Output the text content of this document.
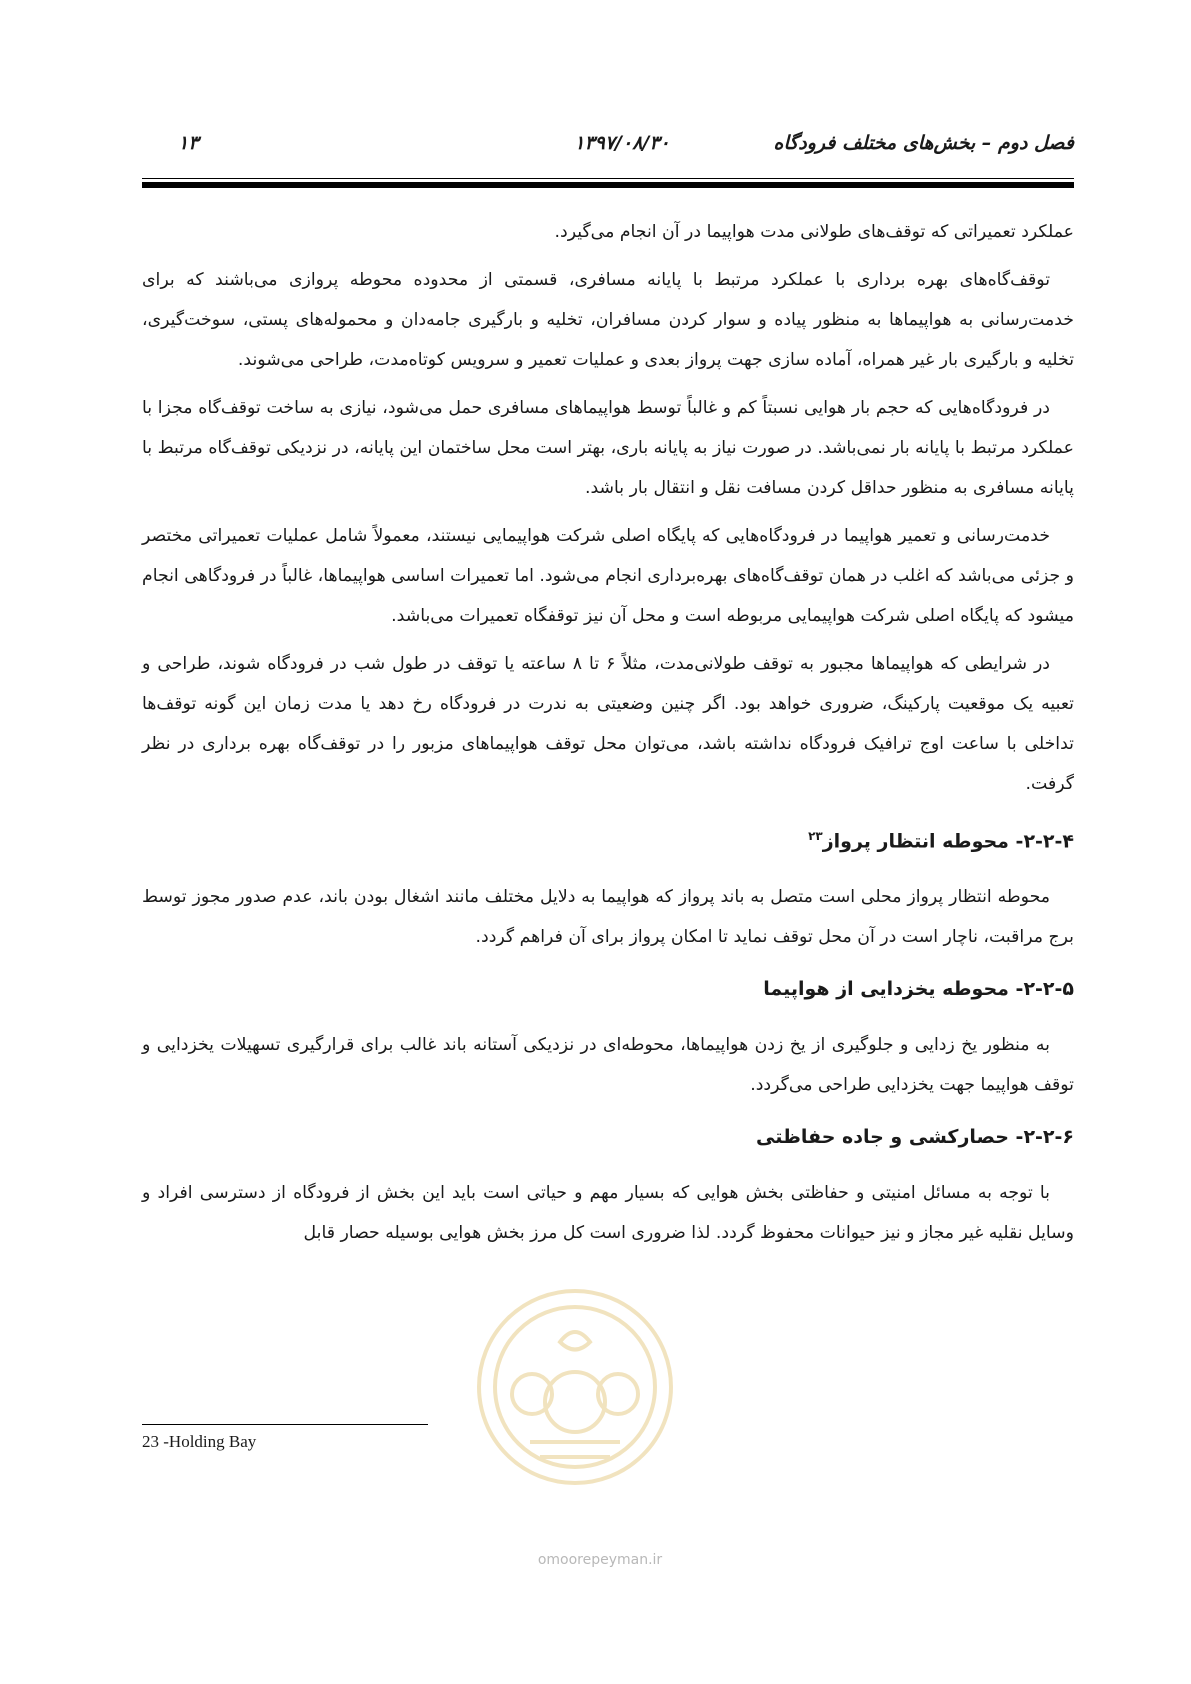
فصل دوم – بخش‌های مختلف فرودگاه
۱۳۹۷/۰۸/۳۰
۱۳

عملکرد تعمیراتی که توقف‌های طولانی مدت هواپیما در آن انجام می‌گیرد.

توقف‌گاه‌های بهره برداری با عملکرد مرتبط با پایانه مسافری، قسمتی از محدوده محوطه پروازی می‌باشند که برای خدمت‌رسانی به هواپیماها به منظور پیاده و سوار کردن مسافران، تخلیه و بارگیری جامه‌دان و محموله‌های پستی، سوخت‌گیری، تخلیه و بارگیری بار غیر همراه، آماده سازی جهت پرواز بعدی و عملیات تعمیر و سرویس کوتاه‌مدت، طراحی می‌شوند.

در فرودگاه‌هایی که حجم بار هوایی نسبتاً کم و غالباً توسط هواپیماهای مسافری حمل می‌شود، نیازی به ساخت توقف‌گاه مجزا با عملکرد مرتبط با پایانه بار نمی‌باشد. در صورت نیاز به پایانه باری، بهتر است محل ساختمان این پایانه، در نزدیکی توقف‌گاه مرتبط با پایانه مسافری به منظور حداقل کردن مسافت نقل و انتقال بار باشد.

خدمت‌رسانی و تعمیر هواپیما در فرودگاه‌هایی که پایگاه اصلی شرکت هواپیمایی نیستند، معمولاً شامل عملیات تعمیراتی مختصر و جزئی می‌باشد که اغلب در همان توقف‌گاه‌های بهره‌برداری انجام می‌شود. اما تعمیرات اساسی هواپیماها، غالباً در فرودگاهی انجام میشود که پایگاه اصلی شرکت هواپیمایی مربوطه است و محل آن نیز توقفگاه تعمیرات می‌باشد.

در شرایطی که هواپیماها مجبور به توقف طولانی‌مدت، مثلاً ۶ تا ۸ ساعته یا توقف در طول شب در فرودگاه شوند، طراحی و تعبیه یک موقعیت پارکینگ، ضروری خواهد بود. اگر چنین وضعیتی به ندرت در فرودگاه رخ دهد یا مدت زمان این گونه توقف‌ها تداخلی با ساعت اوج ترافیک فرودگاه نداشته باشد، می‌توان محل توقف هواپیماهای مزبور را در توقف‌گاه بهره برداری در نظر گرفت.

۲-۲-۴- محوطه انتظار پرواز$^{۲۳}$

محوطه انتظار پرواز محلی است متصل به باند پرواز که هواپیما به دلایل مختلف مانند اشغال بودن باند، عدم صدور مجوز توسط برج مراقبت، ناچار است در آن محل توقف نماید تا امکان پرواز برای آن فراهم گردد.

۲-۲-۵- محوطه یخزدایی از هواپیما

به منظور یخ زدایی و جلوگیری از یخ زدن هواپیماها، محوطه‌ای در نزدیکی آستانه باند غالب برای قرارگیری تسهیلات یخزدایی و توقف هواپیما جهت یخزدایی طراحی می‌گردد.

۲-۲-۶- حصارکشی و جاده حفاظتی

با توجه به مسائل امنیتی و حفاظتی بخش هوایی که بسیار مهم و حیاتی است باید این بخش از فرودگاه از دسترسی افراد و وسایل نقلیه غیر مجاز و نیز حیوانات محفوظ گردد. لذا ضروری است کل مرز بخش هوایی بوسیله حصار قابل

omoorepeyman.ir
23 -Holding Bay
